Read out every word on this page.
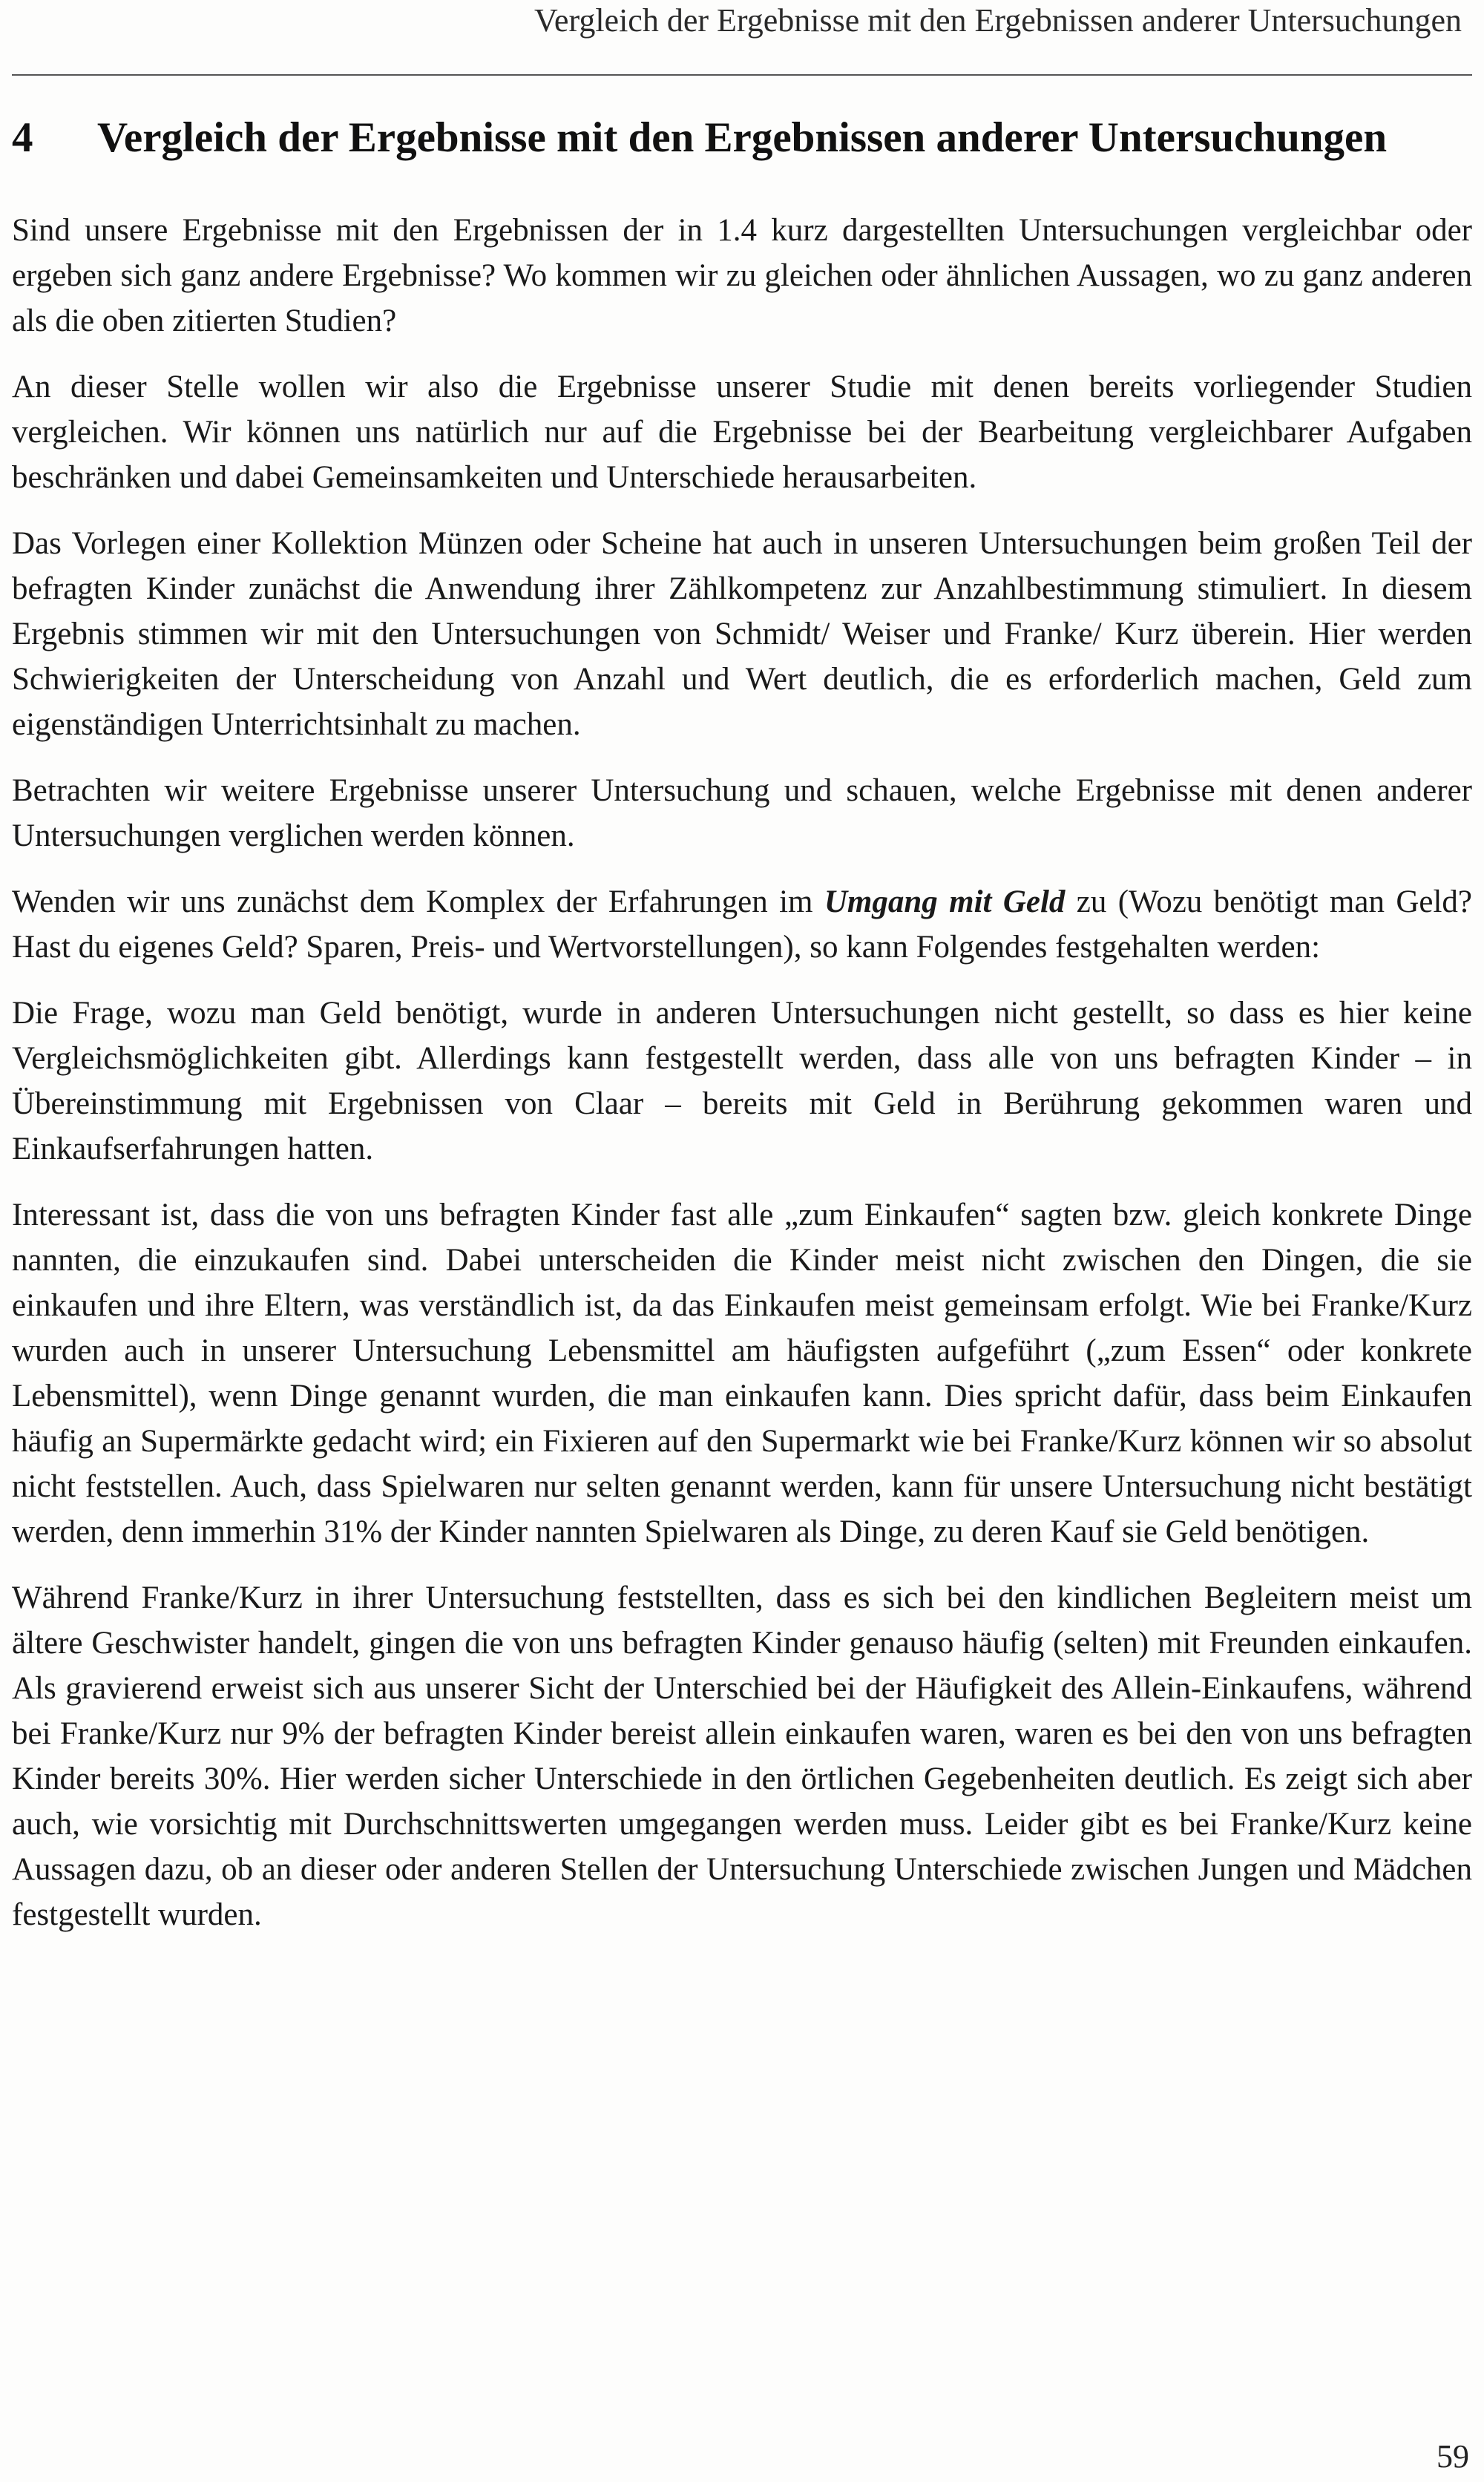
Vergleich der Ergebnisse mit den Ergebnissen anderer Untersuchungen
4	Vergleich der Ergebnisse mit den Ergebnissen anderer Untersuchungen

Sind unsere Ergebnisse mit den Ergebnissen der in 1.4 kurz dargestellten Untersuchungen vergleichbar oder ergeben sich ganz andere Ergebnisse? Wo kommen wir zu gleichen oder ähnlichen Aussagen, wo zu ganz anderen als die oben zitierten Studien?

An dieser Stelle wollen wir also die Ergebnisse unserer Studie mit denen bereits vorliegender Studien vergleichen. Wir können uns natürlich nur auf die Ergebnisse bei der Bearbeitung vergleichbarer Aufgaben beschränken und dabei Gemeinsamkeiten und Unterschiede herausarbeiten.

Das Vorlegen einer Kollektion Münzen oder Scheine hat auch in unseren Untersuchungen beim großen Teil der befragten Kinder zunächst die Anwendung ihrer Zählkompetenz zur Anzahlbestimmung stimuliert. In diesem Ergebnis stimmen wir mit den Untersuchungen von Schmidt/ Weiser und Franke/ Kurz überein. Hier werden Schwierigkeiten der Unterscheidung von Anzahl und Wert deutlich, die es erforderlich machen, Geld zum eigenständigen Unterrichtsinhalt zu machen.

Betrachten wir weitere Ergebnisse unserer Untersuchung und schauen, welche Ergebnisse mit denen anderer Untersuchungen verglichen werden können.

Wenden wir uns zunächst dem Komplex der Erfahrungen im Umgang mit Geld zu (Wozu benötigt man Geld? Hast du eigenes Geld? Sparen, Preis- und Wertvorstellungen), so kann Folgendes festgehalten werden:

Die Frage, wozu man Geld benötigt, wurde in anderen Untersuchungen nicht gestellt, so dass es hier keine Vergleichsmöglichkeiten gibt. Allerdings kann festgestellt werden, dass alle von uns befragten Kinder – in Übereinstimmung mit Ergebnissen von Claar – bereits mit Geld in Berührung gekommen waren und Einkaufserfahrungen hatten.

Interessant ist, dass die von uns befragten Kinder fast alle „zum Einkaufen“ sagten bzw. gleich konkrete Dinge nannten, die einzukaufen sind. Dabei unterscheiden die Kinder meist nicht zwischen den Dingen, die sie einkaufen und ihre Eltern, was verständlich ist, da das Einkaufen meist gemeinsam erfolgt. Wie bei Franke/Kurz wurden auch in unserer Untersuchung Lebensmittel am häufigsten aufgeführt („zum Essen“ oder konkrete Lebensmittel), wenn Dinge genannt wurden, die man einkaufen kann. Dies spricht dafür, dass beim Einkaufen häufig an Supermärkte gedacht wird; ein Fixieren auf den Supermarkt wie bei Franke/Kurz können wir so absolut nicht feststellen. Auch, dass Spielwaren nur selten genannt werden, kann für unsere Untersuchung nicht bestätigt werden, denn immerhin 31% der Kinder nannten Spielwaren als Dinge, zu deren Kauf sie Geld benötigen.

Während Franke/Kurz in ihrer Untersuchung feststellten, dass es sich bei den kindlichen Begleitern meist um ältere Geschwister handelt, gingen die von uns befragten Kinder genauso häufig (selten) mit Freunden einkaufen. Als gravierend erweist sich aus unserer Sicht der Unterschied bei der Häufigkeit des Allein-Einkaufens, während bei Franke/Kurz nur 9% der befragten Kinder bereist allein einkaufen waren, waren es bei den von uns befragten Kinder bereits 30%. Hier werden sicher Unterschiede in den örtlichen Gegebenheiten deutlich. Es zeigt sich aber auch, wie vorsichtig mit Durchschnittswerten umgegangen werden muss. Leider gibt es bei Franke/Kurz keine Aussagen dazu, ob an dieser oder anderen Stellen der Untersuchung Unterschiede zwischen Jungen und Mädchen festgestellt wurden.

59
